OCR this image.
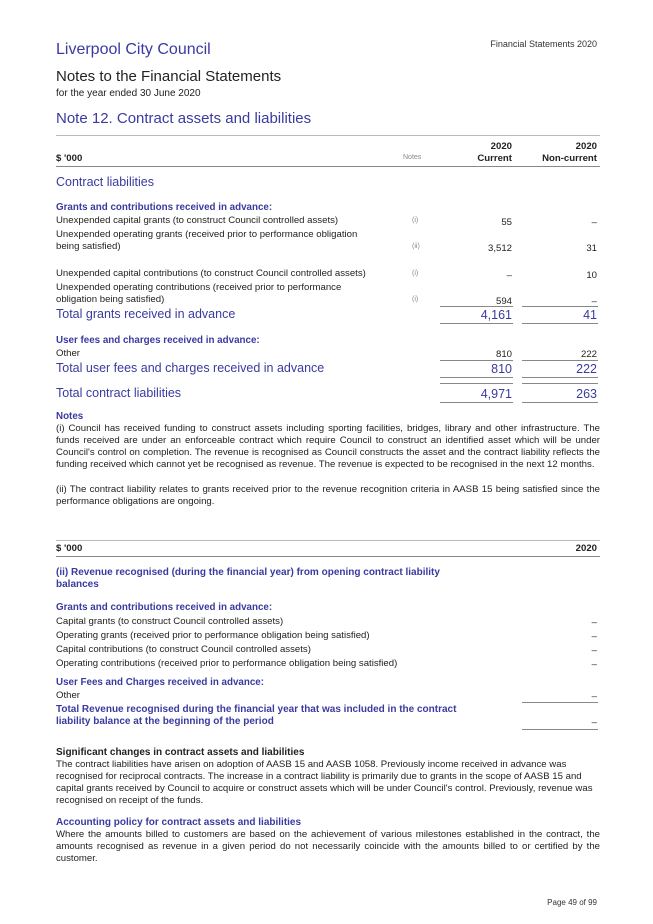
Financial Statements 2020
Liverpool City Council
Notes to the Financial Statements
for the year ended 30 June 2020
Note 12. Contract assets and liabilities
2020	2020
$ '000	Notes	Current	Non-current
Contract liabilities
Grants and contributions received in advance:
Unexpended capital grants (to construct Council controlled assets)	(i)	55	–
Unexpended operating grants (received prior to performance obligation
being satisfied)	(ii)	3,512	31
Unexpended capital contributions (to construct Council controlled assets)	(i)	–	10
Unexpended operating contributions (received prior to performance
obligation being satisfied)	(i)	594	–
Total grants received in advance	4,161	41
User fees and charges received in advance:
Other	810	222
Total user fees and charges received in advance	810	222
Total contract liabilities	4,971	263
Notes
(i) Council has received funding to construct assets including sporting facilities, bridges, library and other infrastructure. The funds received are under an enforceable contract which require Council to construct an identified asset which will be under Council's control on completion. The revenue is recognised as Council constructs the asset and the contract liability reflects the funding received which cannot yet be recognised as revenue. The revenue is expected to be recognised in the next 12 months.
(ii) The contract liability relates to grants received prior to the revenue recognition criteria in AASB 15 being satisfied since the performance obligations are ongoing.
$ '000	2020
(ii) Revenue recognised (during the financial year) from opening contract liability
balances
Grants and contributions received in advance:
Capital grants (to construct Council controlled assets)	–
Operating grants (received prior to performance obligation being satisfied)	–
Capital contributions (to construct Council controlled assets)	–
Operating contributions (received prior to performance obligation being satisfied)	–
User Fees and Charges received in advance:
Other	–
Total Revenue recognised during the financial year that was included in the contract
liability balance at the beginning of the period	–
Significant changes in contract assets and liabilities
The contract liabilities have arisen on adoption of AASB 15 and AASB 1058. Previously income received in advance was recognised for reciprocal contracts. The increase in a contract liability is primarily due to grants in the scope of AASB 15 and capital grants received by Council to acquire or construct assets which will be under Council's control. Previously, revenue was recognised on receipt of the funds.
Accounting policy for contract assets and liabilities
Where the amounts billed to customers are based on the achievement of various milestones established in the contract, the amounts recognised as revenue in a given period do not necessarily coincide with the amounts billed to or certified by the customer.
Page 49 of 99
